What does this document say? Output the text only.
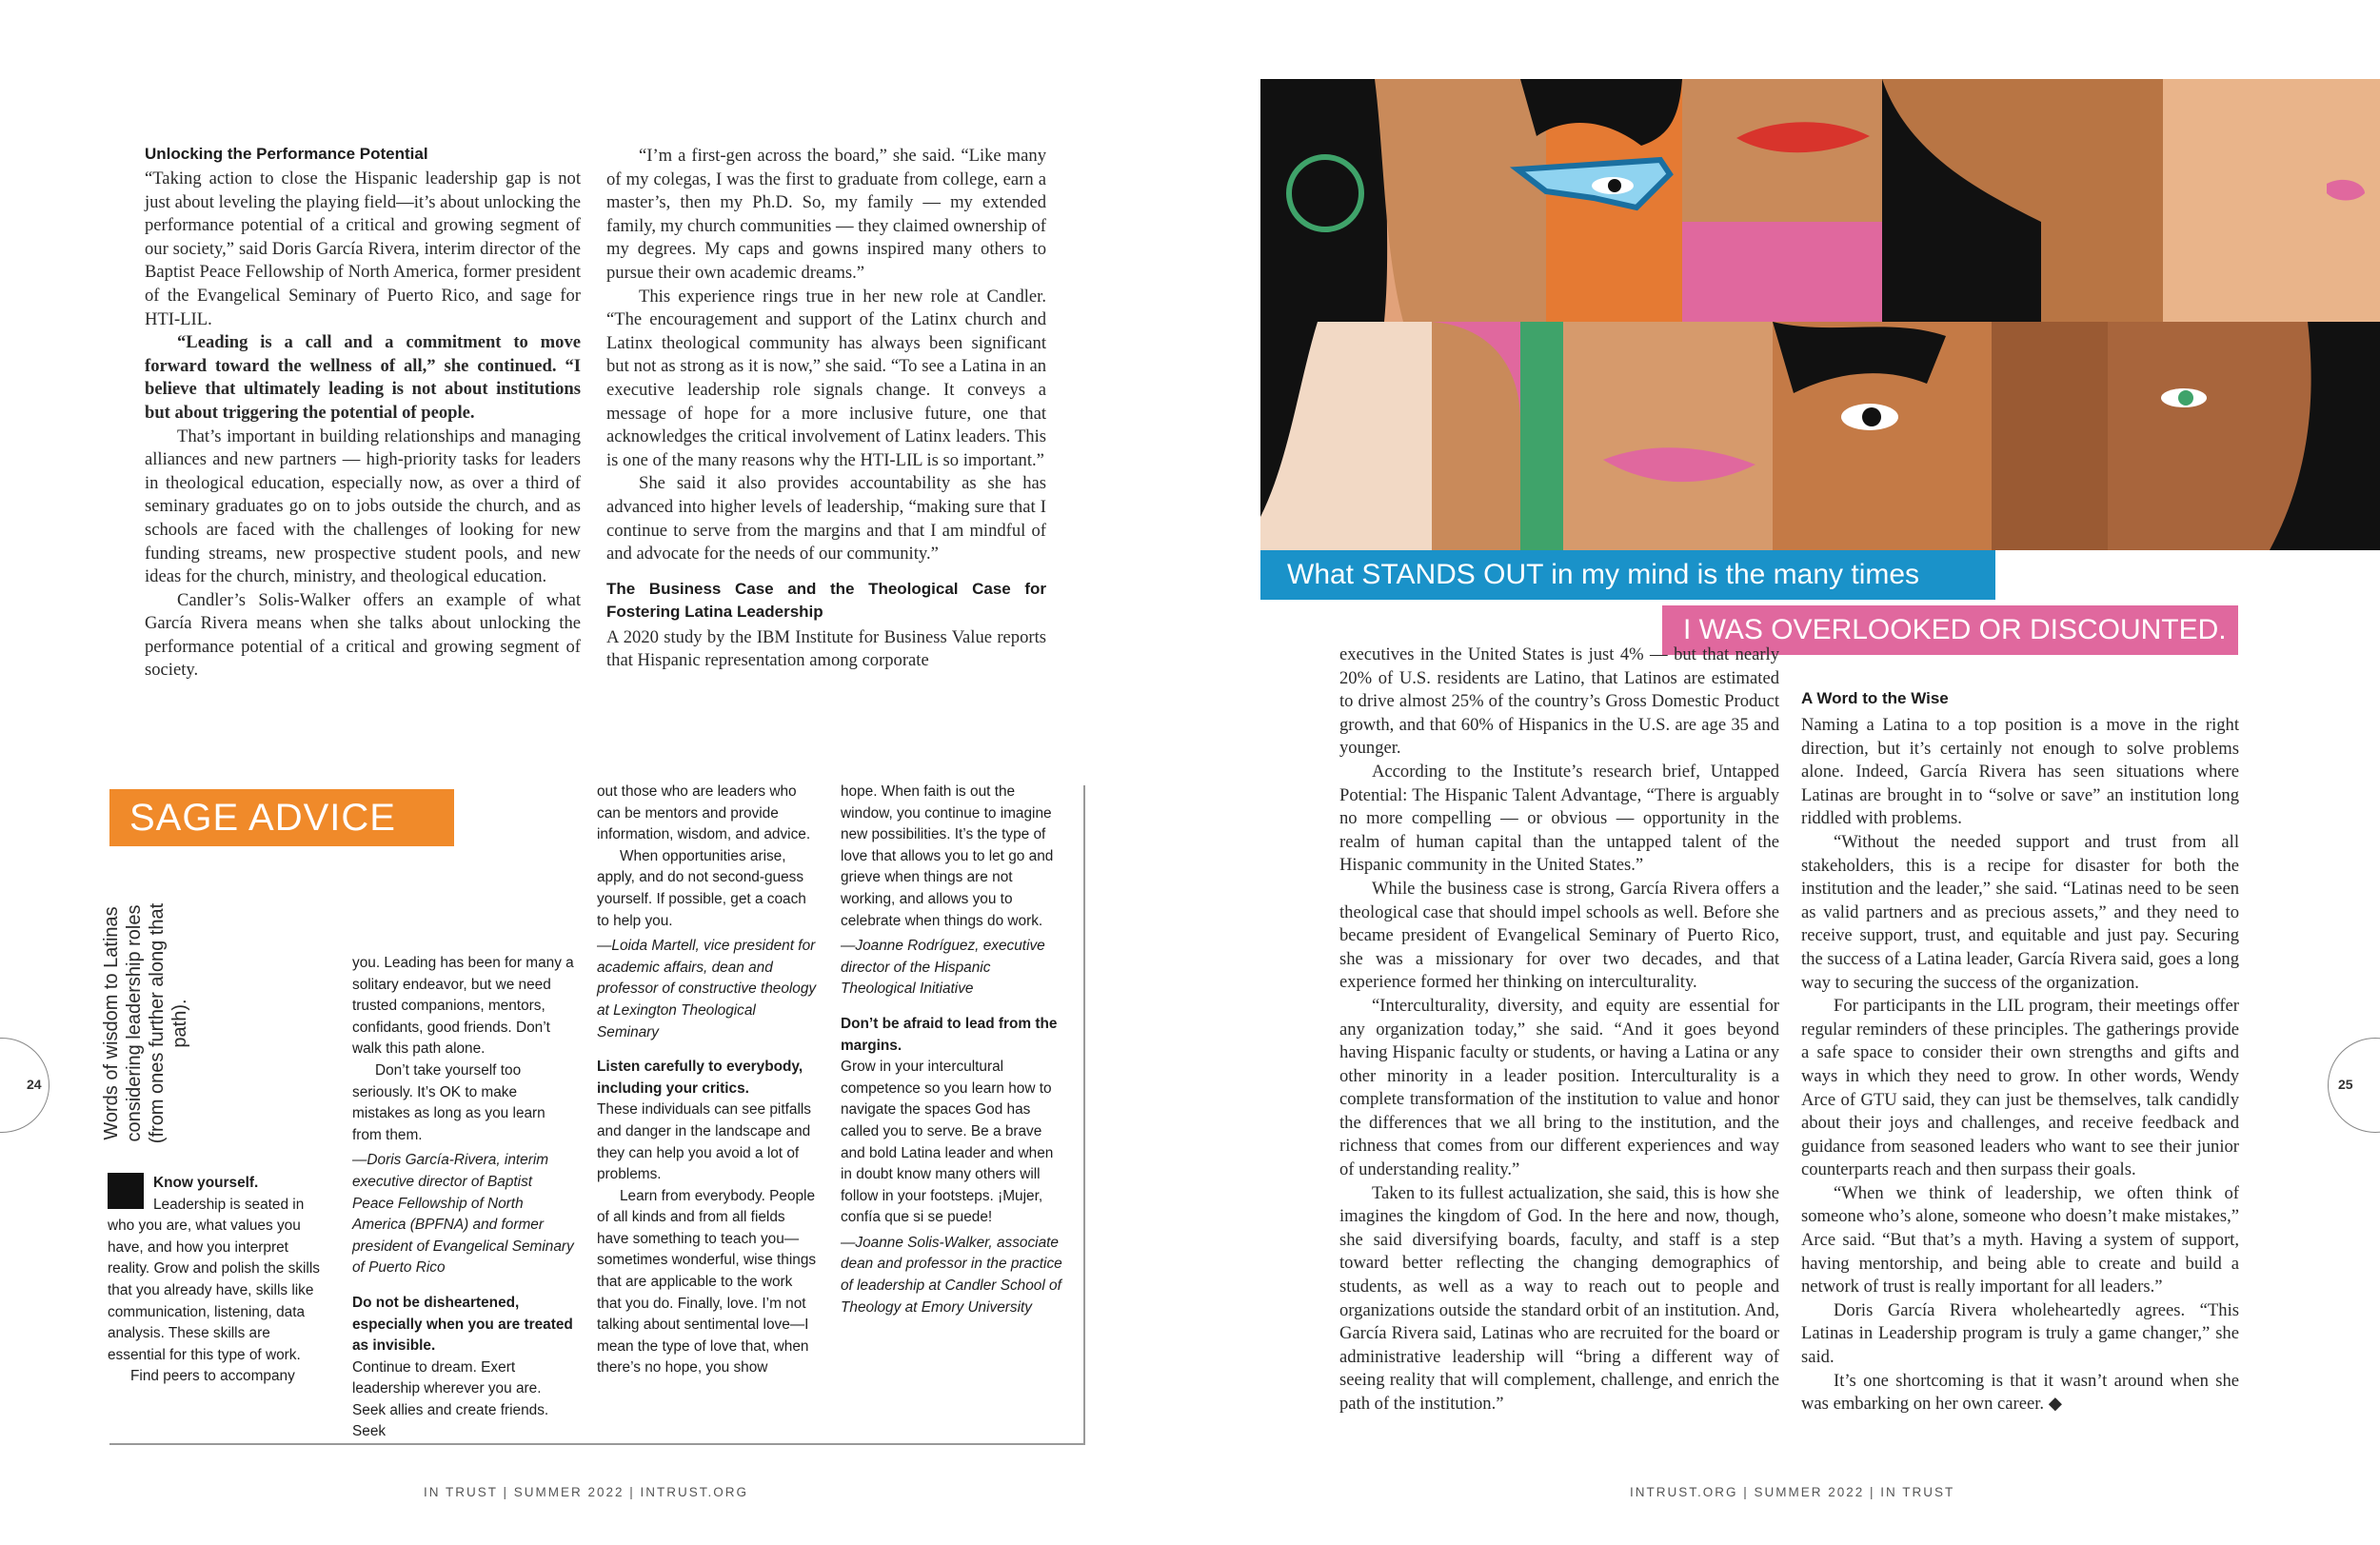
Unlocking the Performance Potential

“Taking action to close the Hispanic leadership gap is not just about leveling the playing field—it’s about unlocking the performance potential of a critical and growing segment of our society,” said Doris García Rivera, interim director of the Baptist Peace Fellowship of North America, former president of the Evangelical Seminary of Puerto Rico, and sage for HTI-LIL.

“Leading is a call and a commitment to move forward toward the wellness of all,” she continued. “I believe that ultimately leading is not about institutions but about triggering the potential of people.

That’s important in building relationships and managing alliances and new partners — high-priority tasks for leaders in theological education, especially now, as over a third of seminary graduates go on to jobs outside the church, and as schools are faced with the challenges of looking for new funding streams, new prospective student pools, and new ideas for the church, ministry, and theological education.

Candler’s Solis-Walker offers an example of what García Rivera means when she talks about unlocking the performance potential of a critical and growing segment of society.

“I’m a first-gen across the board,” she said. “Like many of my colegas, I was the first to graduate from college, earn a master’s, then my Ph.D. So, my family — my extended family, my church communities — they claimed ownership of my degrees. My caps and gowns inspired many others to pursue their own academic dreams.”

This experience rings true in her new role at Candler. “The encouragement and support of the Latinx church and Latinx theological community has always been significant but not as strong as it is now,” she said. “To see a Latina in an executive leadership role signals change. It conveys a message of hope for a more inclusive future, one that acknowledges the critical involvement of Latinx leaders. This is one of the many reasons why the HTI-LIL is so important.”

She said it also provides accountability as she has advanced into higher levels of leadership, “making sure that I continue to serve from the margins and that I am mindful of and advocate for the needs of our community.”

The Business Case and the Theological Case for Fostering Latina Leadership

A 2020 study by the IBM Institute for Business Value reports that Hispanic representation among corporate

SAGE ADVICE
Words of wisdom to Latinas considering leadership roles (from ones further along that path).

Know yourself.

Leadership is seated in who you are, what values you have, and how you interpret reality. Grow and polish the skills that you already have, skills like communication, listening, data analysis. These skills are essential for this type of work.

Find peers to accompany

you. Leading has been for many a solitary endeavor, but we need trusted companions, mentors, confidants, good friends. Don’t walk this path alone.

Don’t take yourself too seriously. It’s OK to make mistakes as long as you learn from them.

—Doris García-Rivera, interim executive director of Baptist Peace Fellowship of North America (BPFNA) and former president of Evangelical Seminary of Puerto Rico

Do not be disheartened, especially when you are treated as invisible.

Continue to dream. Exert leadership wherever you are. Seek allies and create friends. Seek

out those who are leaders who can be mentors and provide information, wisdom, and advice.

When opportunities arise, apply, and do not second-guess yourself. If possible, get a coach to help you.

—Loida Martell, vice president for academic affairs, dean and professor of constructive theology at Lexington Theological Seminary

Listen carefully to everybody, including your critics.

These individuals can see pitfalls and danger in the landscape and they can help you avoid a lot of problems.

Learn from everybody. People of all kinds and from all fields have something to teach you—sometimes wonderful, wise things that are applicable to the work that you do. Finally, love. I’m not talking about sentimental love—I mean the type of love that, when there’s no hope, you show

hope. When faith is out the window, you continue to imagine new possibilities. It’s the type of love that allows you to let go and grieve when things are not working, and allows you to celebrate when things do work.

—Joanne Rodríguez, executive director of the Hispanic Theological Initiative

Don’t be afraid to lead from the margins.

Grow in your intercultural competence so you learn how to navigate the spaces God has called you to serve. Be a brave and bold Latina leader and when in doubt know many others will follow in your footsteps. ¡Mujer, confía que si se puede!

—Joanne Solis-Walker, associate dean and professor in the practice of leadership at Candler School of Theology at Emory University

24
IN TRUST | SUMMER 2022 | INTRUST.ORG
What STANDS OUT in my mind is the many times
I WAS OVERLOOKED OR DISCOUNTED.

executives in the United States is just 4% — but that nearly 20% of U.S. residents are Latino, that Latinos are estimated to drive almost 25% of the country’s Gross Domestic Product growth, and that 60% of Hispanics in the U.S. are age 35 and younger.

According to the Institute’s research brief, Untapped Potential: The Hispanic Talent Advantage, “There is arguably no more compelling — or obvious — opportunity in the realm of human capital than the untapped talent of the Hispanic community in the United States.”

While the business case is strong, García Rivera offers a theological case that should impel schools as well. Before she became president of Evangelical Seminary of Puerto Rico, she was a missionary for over two decades, and that experience formed her thinking on interculturality.

“Interculturality, diversity, and equity are essential for any organization today,” she said. “And it goes beyond having Hispanic faculty or students, or having a Latina or any other minority in a leader position. Interculturality is a complete transformation of the institution to value and honor the differences that we all bring to the institution, and the richness that comes from our different experiences and way of understanding reality.”

Taken to its fullest actualization, she said, this is how she imagines the kingdom of God. In the here and now, though, she said diversifying boards, faculty, and staff is a step toward better reflecting the changing demographics of students, as well as a way to reach out to people and organizations outside the standard orbit of an institution. And, García Rivera said, Latinas who are recruited for the board or administrative leadership will “bring a different way of seeing reality that will complement, challenge, and enrich the path of the institution.”

A Word to the Wise

Naming a Latina to a top position is a move in the right direction, but it’s certainly not enough to solve problems alone. Indeed, García Rivera has seen situations where Latinas are brought in to “solve or save” an institution long riddled with problems.

“Without the needed support and trust from all stakeholders, this is a recipe for disaster for both the institution and the leader,” she said. “Latinas need to be seen as valid partners and as precious assets,” and they need to receive support, trust, and equitable and just pay. Securing the success of a Latina leader, García Rivera said, goes a long way to securing the success of the organization.

For participants in the LIL program, their meetings offer regular reminders of these principles. The gatherings provide a safe space to consider their own strengths and gifts and ways in which they need to grow. In other words, Wendy Arce of GTU said, they can just be themselves, talk candidly about their joys and challenges, and receive feedback and guidance from seasoned leaders who want to see their junior counterparts reach and then surpass their goals.

“When we think of leadership, we often think of someone who’s alone, someone who doesn’t make mistakes,” Arce said. “But that’s a myth. Having a system of support, having mentorship, and being able to create and build a network of trust is really important for all leaders.”

Doris García Rivera wholeheartedly agrees. “This Latinas in Leadership program is truly a game changer,” she said.

It’s one shortcoming is that it wasn’t around when she was embarking on her own career. ◆

25
INTRUST.ORG | SUMMER 2022 | IN TRUST
